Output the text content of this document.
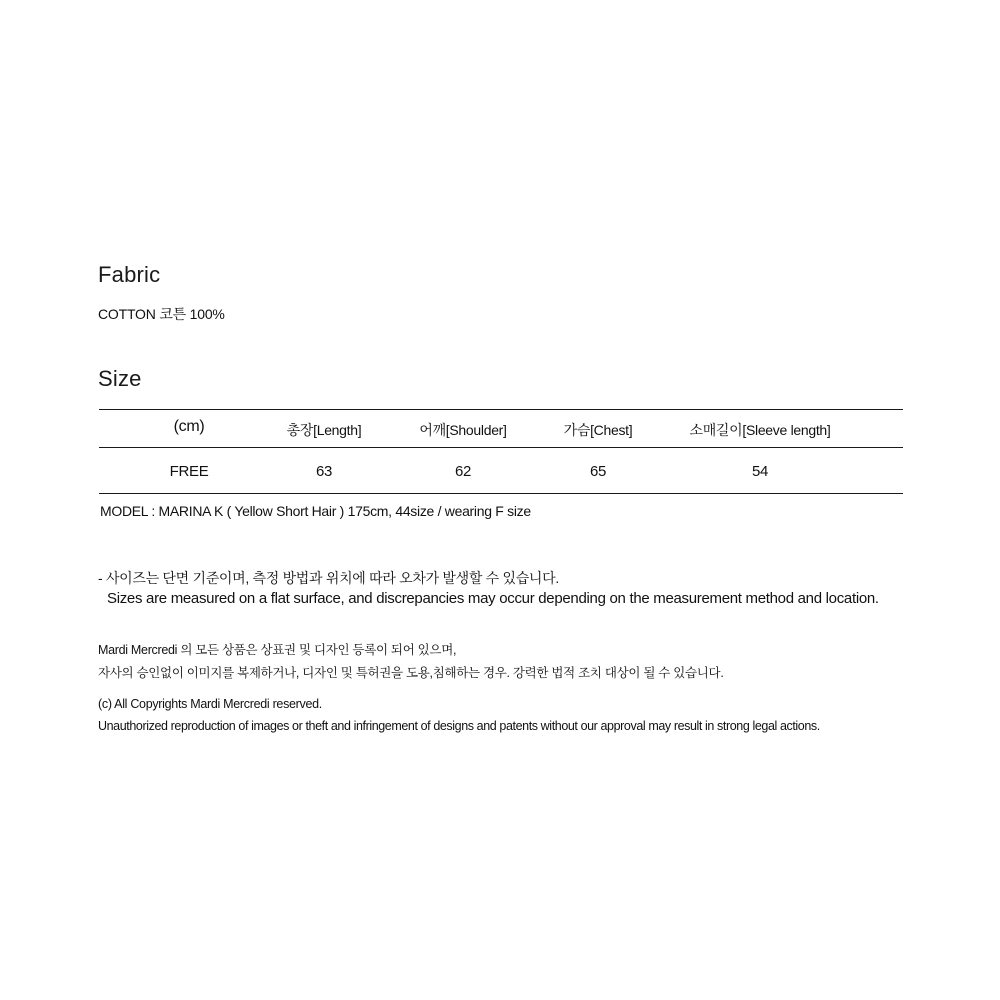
Fabric
COTTON 코튼 100%
Size
(cm)	총장[Length]	어깨[Shoulder]	가슴[Chest]	소매길이[Sleeve length]
FREE	63	62	65	54
MODEL : MARINA K ( Yellow Short Hair ) 175cm, 44size / wearing F size
- 사이즈는 단면 기준이며, 측정 방법과 위치에 따라 오차가 발생할 수 있습니다.
Sizes are measured on a flat surface, and discrepancies may occur depending on the measurement method and location.
Mardi Mercredi 의 모든 상품은 상표권 및 디자인 등록이 되어 있으며,
자사의 승인없이 이미지를 복제하거나, 디자인 및 특허권을 도용,침해하는 경우. 강력한 법적 조치 대상이 될 수 있습니다.
(c) All Copyrights Mardi Mercredi reserved.
Unauthorized reproduction of images or theft and infringement of designs and patents without our approval may result in strong legal actions.
